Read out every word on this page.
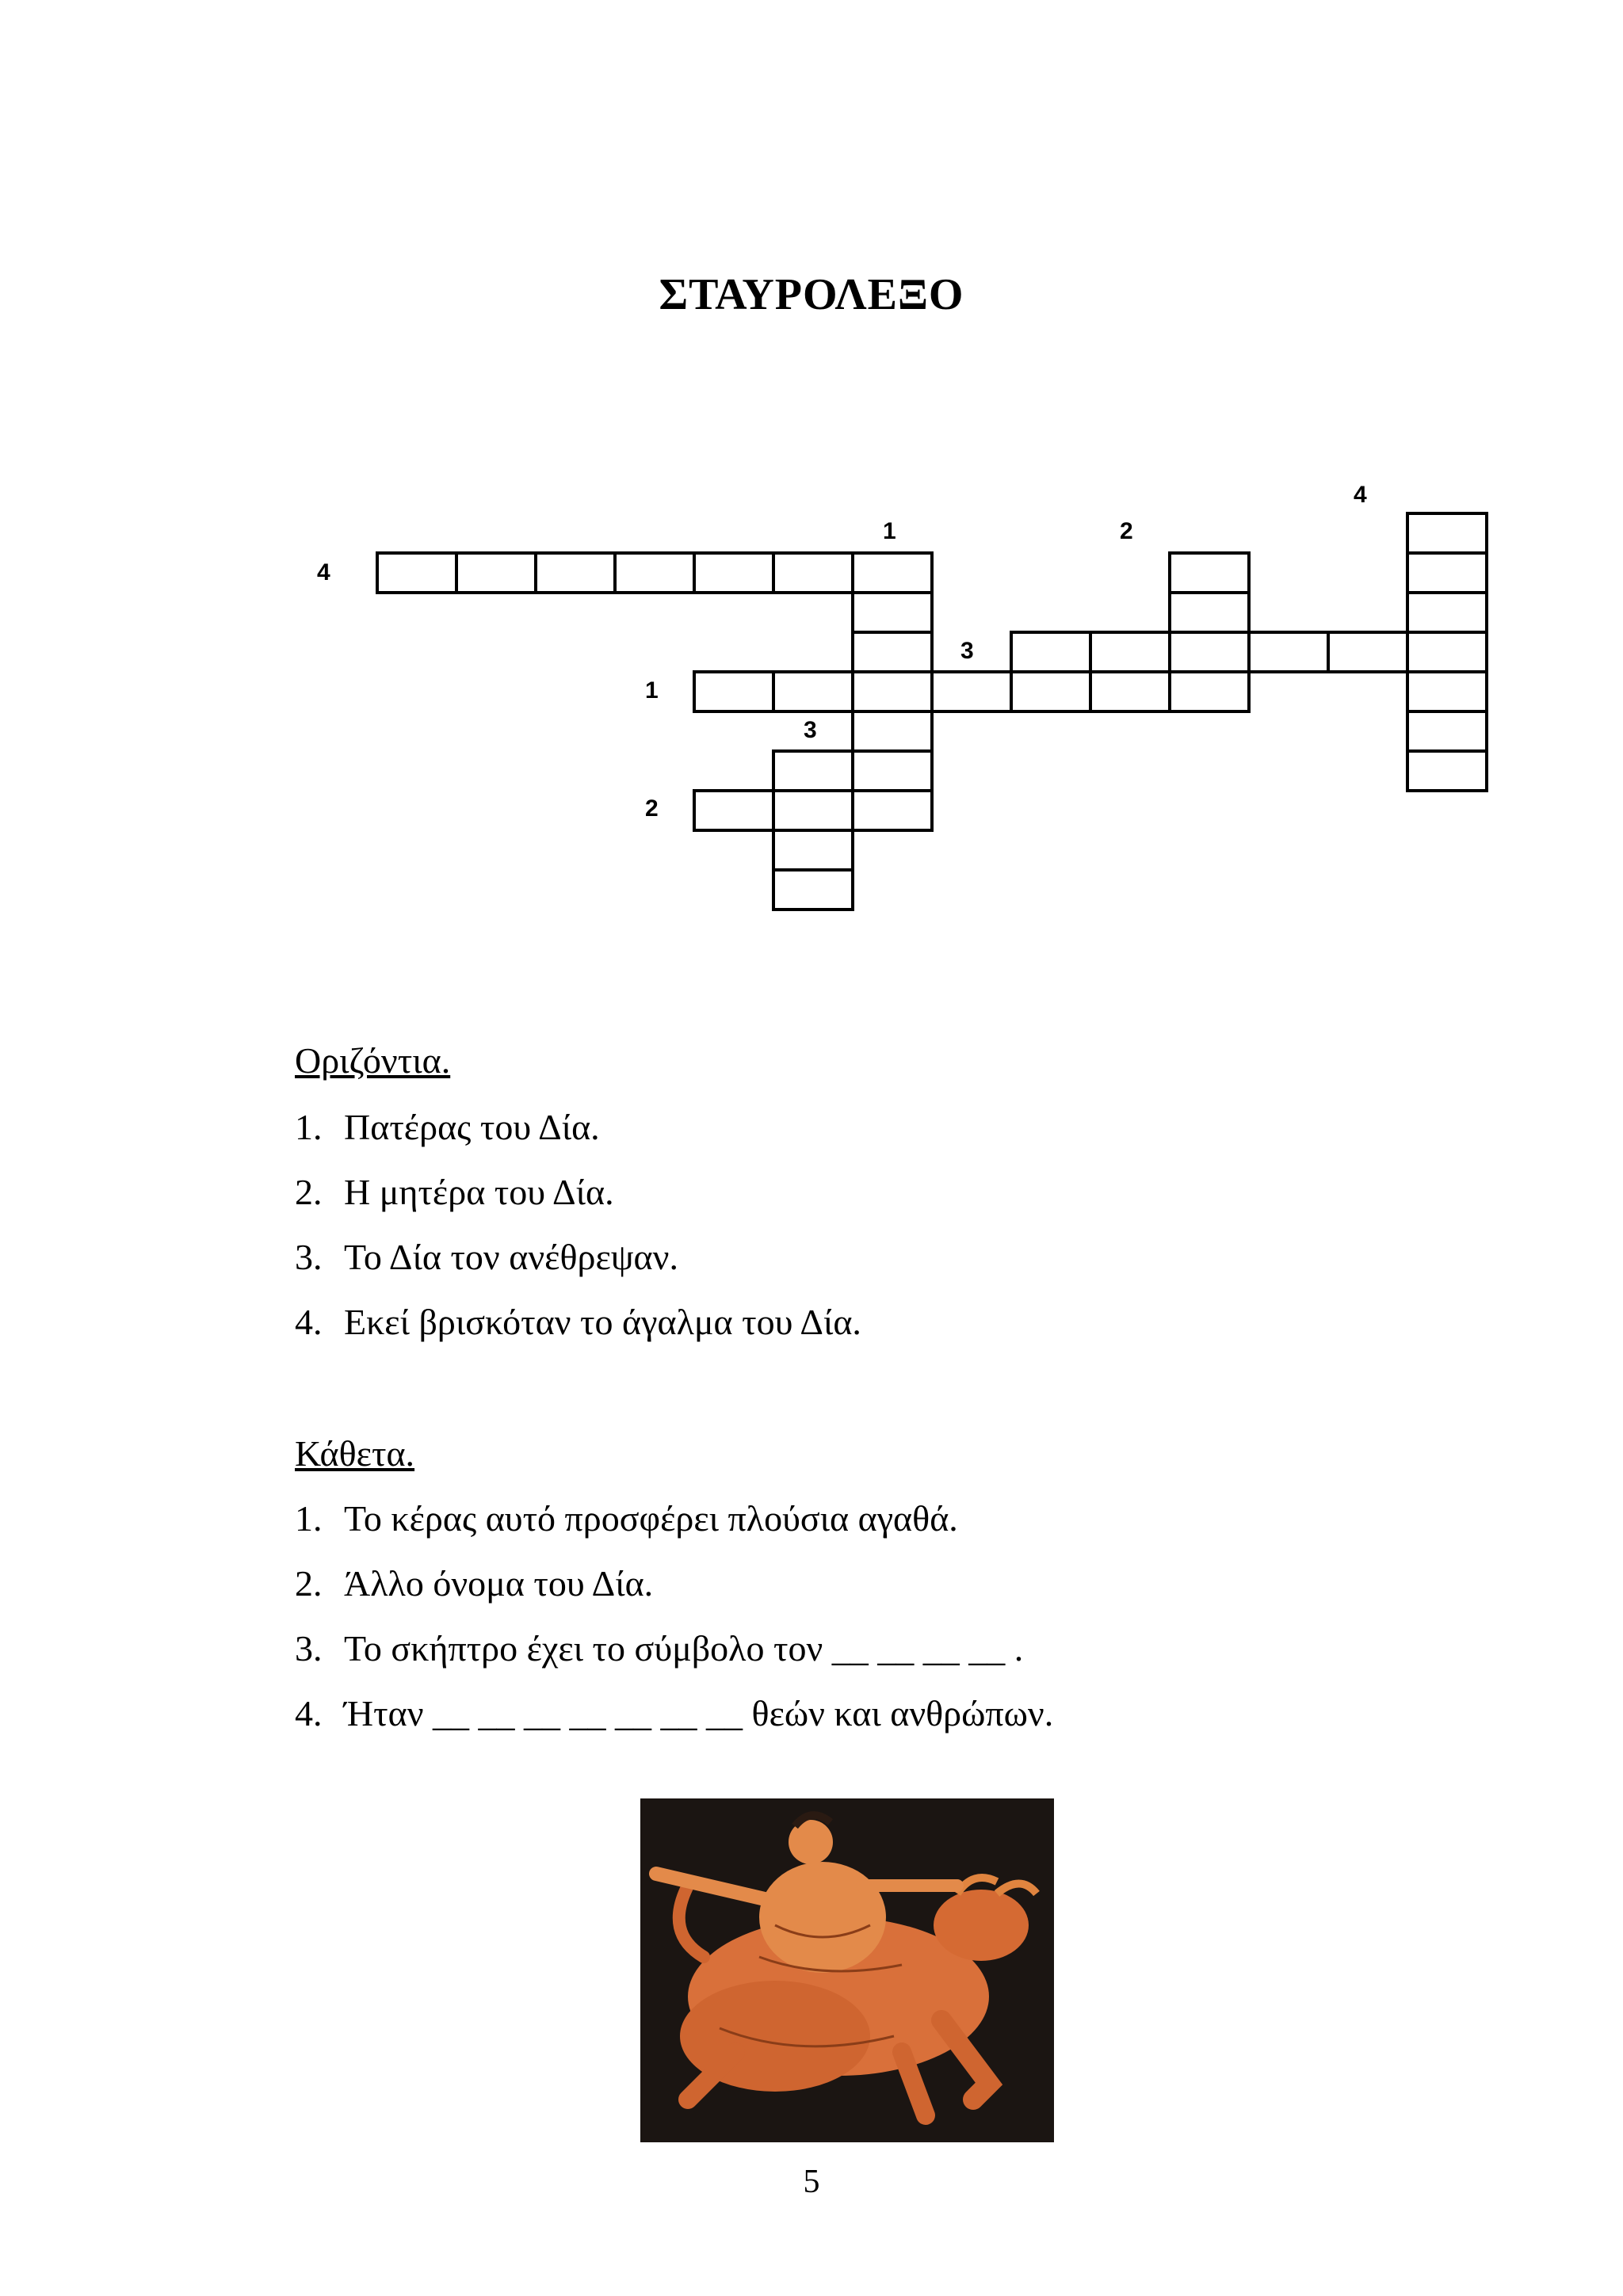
ΣΤΑΥΡΟΛΕΞΟ
4
1	2
4
3
1
3
2
Οριζόντια.
1. Πατέρας του Δία.
2. Η μητέρα του Δία.
3. Το Δία τον ανέθρεψαν.
4. Εκεί βρισκόταν το άγαλμα του Δία.
Κάθετα.
1. Το κέρας αυτό προσφέρει πλούσια αγαθά.
2. Άλλο όνομα του Δία.
3. Το σκήπτρο έχει το σύμβολο τον __ __ __ __ .
4. Ήταν __ __ __ __ __ __ __ θεών και ανθρώπων.
5
